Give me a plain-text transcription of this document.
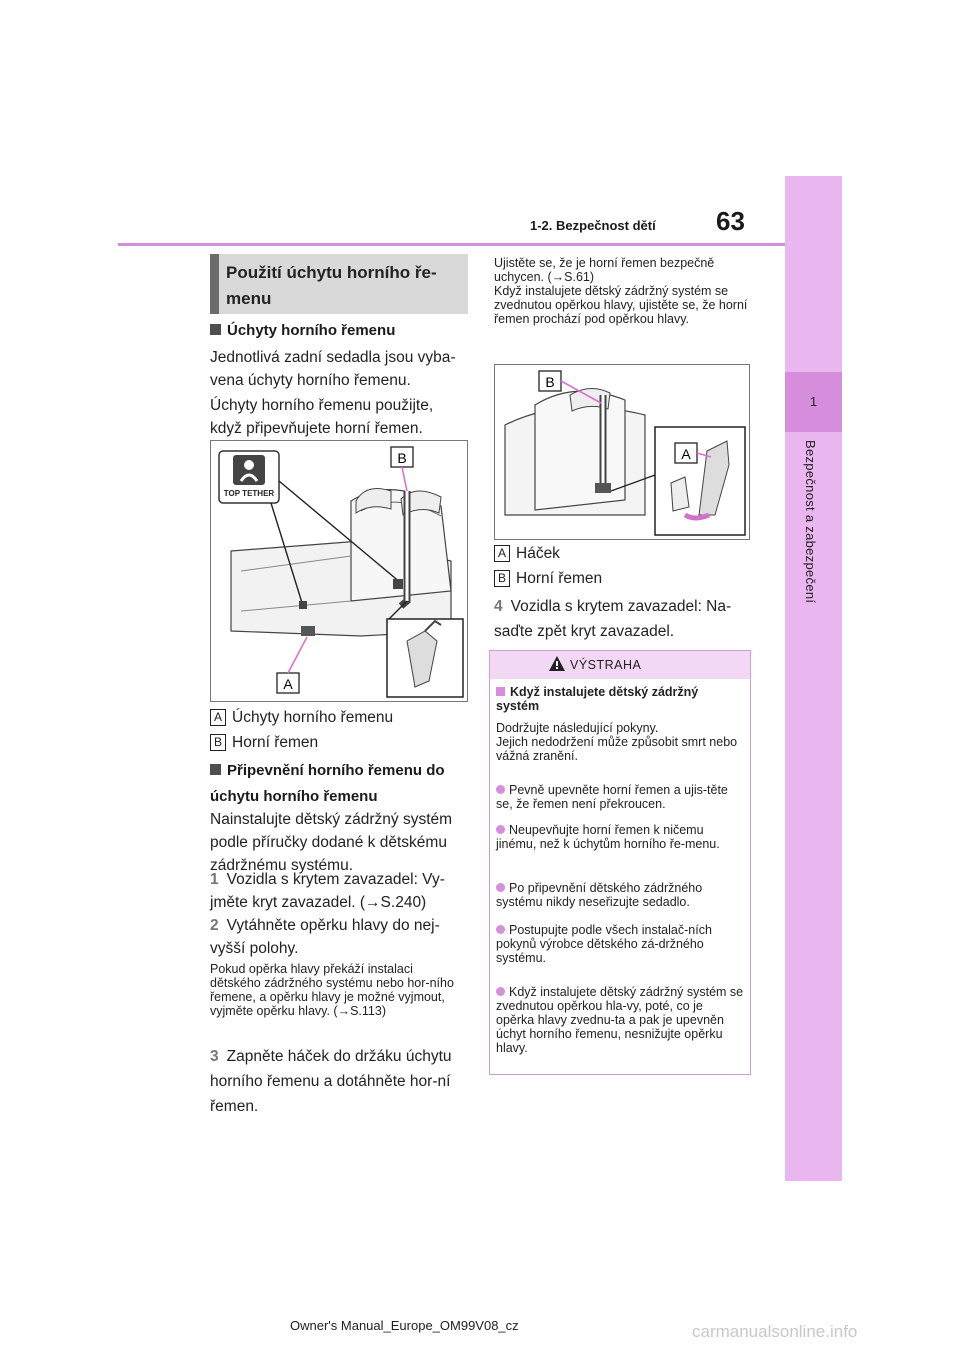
63
1-2. Bezpečnost dětí
1
Bezpečnost a zabezpečení
Použití úchytu horního ře-menu
Úchyty horního řemenu
Jednotlivá zadní sedadla jsou vyba-vena úchyty horního řemenu.
Úchyty horního řemenu použijte, když připevňujete horní řemen.
TOP TETHER
B
A
A Úchyty horního řemenu
B Horní řemen
Připevnění horního řemenu do úchytu horního řemenu
Nainstalujte dětský zádržný systém podle příručky dodané k dětskému zádržnému systému.
1 Vozidla s krytem zavazadel: Vy-jměte kryt zavazadel. (→S.240)
2 Vytáhněte opěrku hlavy do nej-vyšší polohy.
Pokud opěrka hlavy překáží instalaci dětského zádržného systému nebo hor-ního řemene, a opěrku hlavy je možné vyjmout, vyjměte opěrku hlavy. (→S.113)
3 Zapněte háček do držáku úchytu horního řemenu a dotáhněte hor-ní řemen.
Ujistěte se, že je horní řemen bezpečně uchycen. (→S.61)
Když instalujete dětský zádržný systém se zvednutou opěrkou hlavy, ujistěte se, že horní řemen prochází pod opěrkou hlavy.
B
A
A Háček
B Horní řemen
4 Vozidla s krytem zavazadel: Na-saďte zpět kryt zavazadel.
VÝSTRAHA
Když instalujete dětský zádržný systém
Dodržujte následující pokyny.
Jejich nedodržení může způsobit smrt nebo vážná zranění.
Pevně upevněte horní řemen a ujis-těte se, že řemen není překroucen.
Neupevňujte horní řemen k ničemu jinému, než k úchytům horního ře-menu.
Po připevnění dětského zádržného systému nikdy neseřizujte sedadlo.
Postupujte podle všech instalač-ních pokynů výrobce dětského zá-držného systému.
Když instalujete dětský zádržný systém se zvednutou opěrkou hla-vy, poté, co je opěrka hlavy zvednu-ta a pak je upevněn úchyt horního řemenu, nesnižujte opěrku hlavy.
Owner's Manual_Europe_OM99V08_cz	carmanualsonline.info
